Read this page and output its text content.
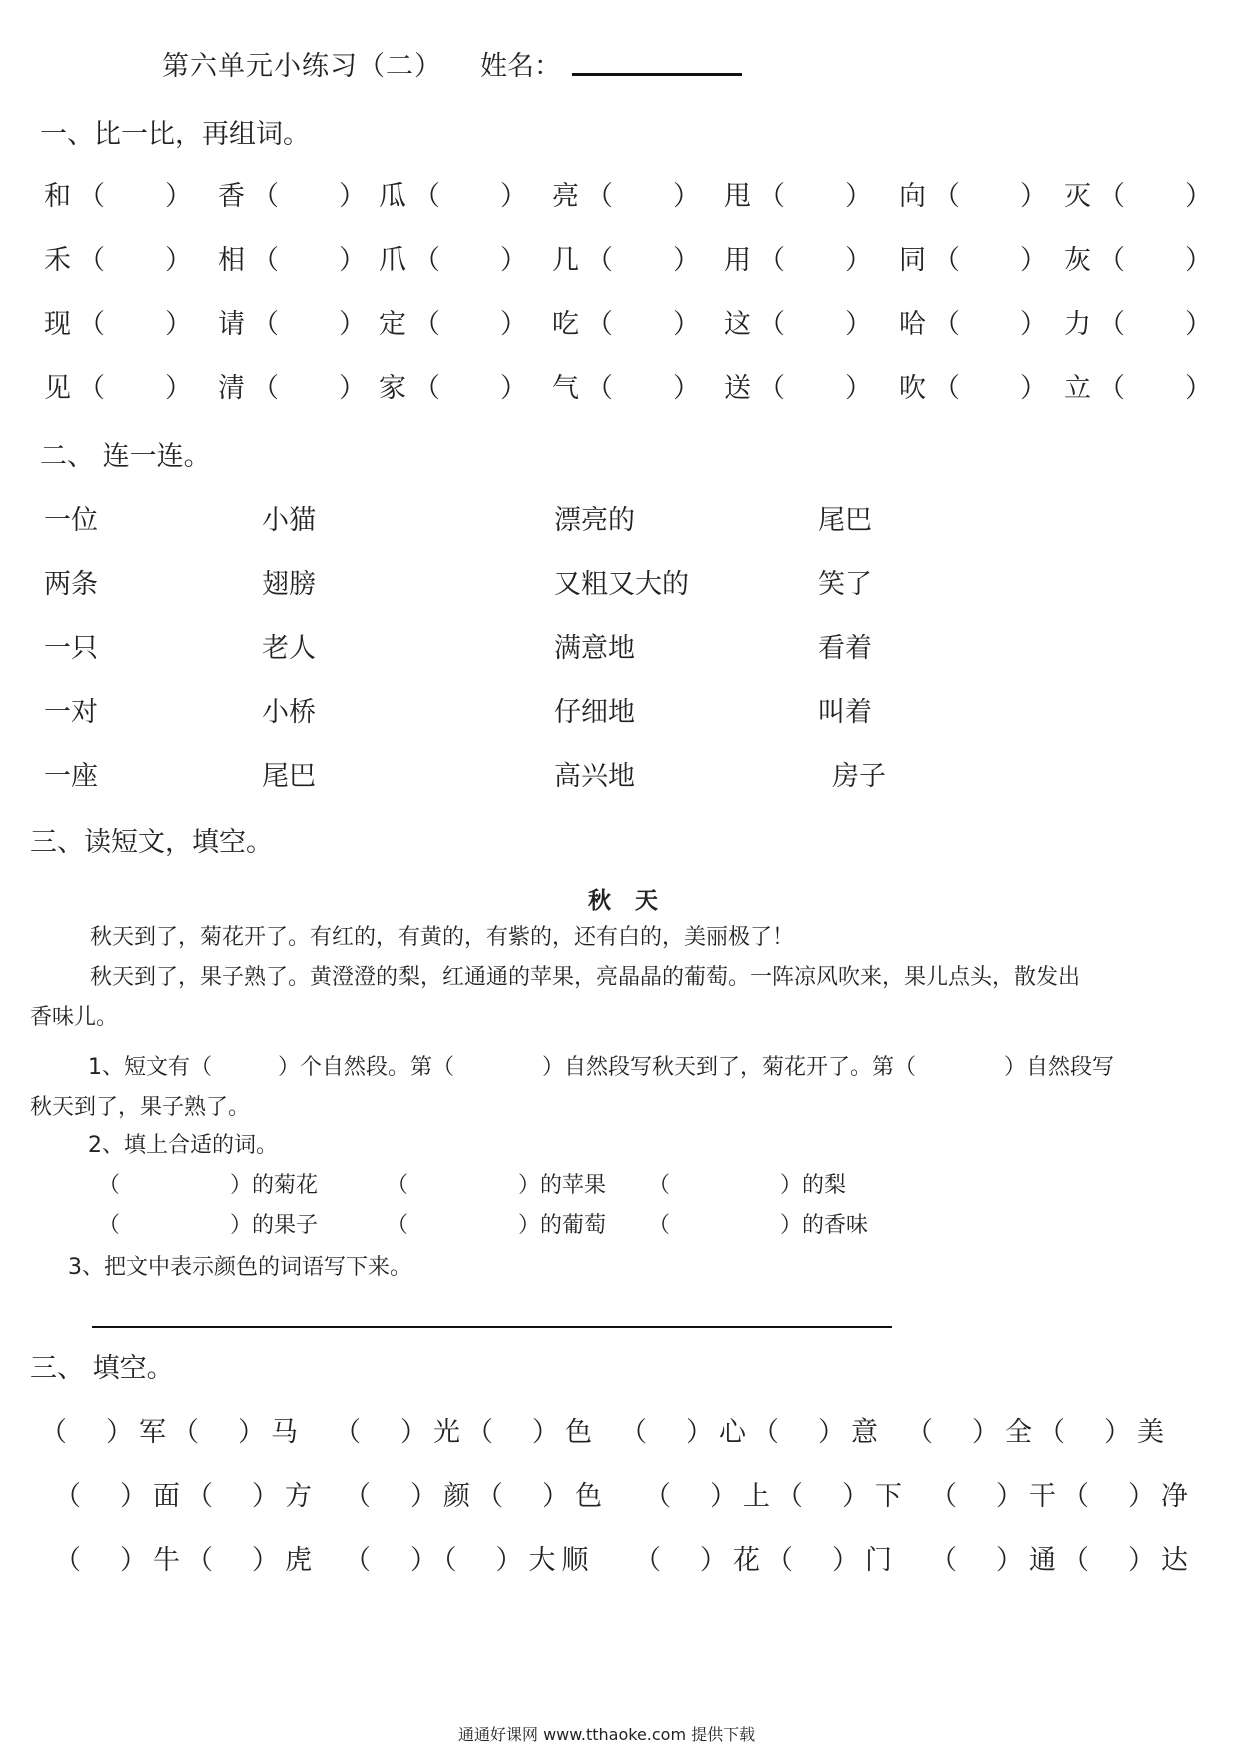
第六单元小练习（二） 姓名：
一、比一比，再组词。
和 （ ） 香 （ ） 瓜 （ ） 亮 （ ） 甩 （ ） 向 （ ） 灭 （ ）
禾 （ ） 相 （ ） 爪 （ ） 几 （ ） 用 （ ） 同 （ ） 灰 （ ）
现 （ ） 请 （ ） 定 （ ） 吃 （ ） 这 （ ） 哈 （ ） 力 （ ）
见 （ ） 清 （ ） 家 （ ） 气 （ ） 送 （ ） 吹 （ ） 立 （ ）
二、 连一连。
一位	小猫	漂亮的	尾巴
两条	翅膀	又粗又大的	笑了
一只	老人	满意地	看着
一对	小桥	仔细地	叫着
一座	尾巴	高兴地	房子
三、读短文，填空。
秋 天
秋天到了，菊花开了。有红的，有黄的，有紫的，还有白的，美丽极了！
秋天到了，果子熟了。黄澄澄的梨，红通通的苹果，亮晶晶的葡萄。一阵凉风吹来，果儿点头，散发出
香味儿。
1、短文有（　　　）个自然段。第（　　　　）自然段写秋天到了，菊花开了。第（　　　　）自然段写
秋天到了，果子熟了。
2、填上合适的词。
（　　　　　）的菊花	（　　　　　）的苹果 （　　　　　）的梨
（　　　　　）的果子	（　　　　　）的葡萄 （　　　　　）的香味
3、把文中表示颜色的词语写下来。
三、 填空。
（　）军（　）马 （　）光（　）色 （　）心（　）意 （　）全（　）美
（　）面（　）方 （　）颜（　）色 （　）上（　）下 （　）干（　）净
（　）牛（　）虎 （　）（　）大顺 （　）花（　）门 （　）通（　）达
通通好课网 www.tthaoke.com 提供下载
